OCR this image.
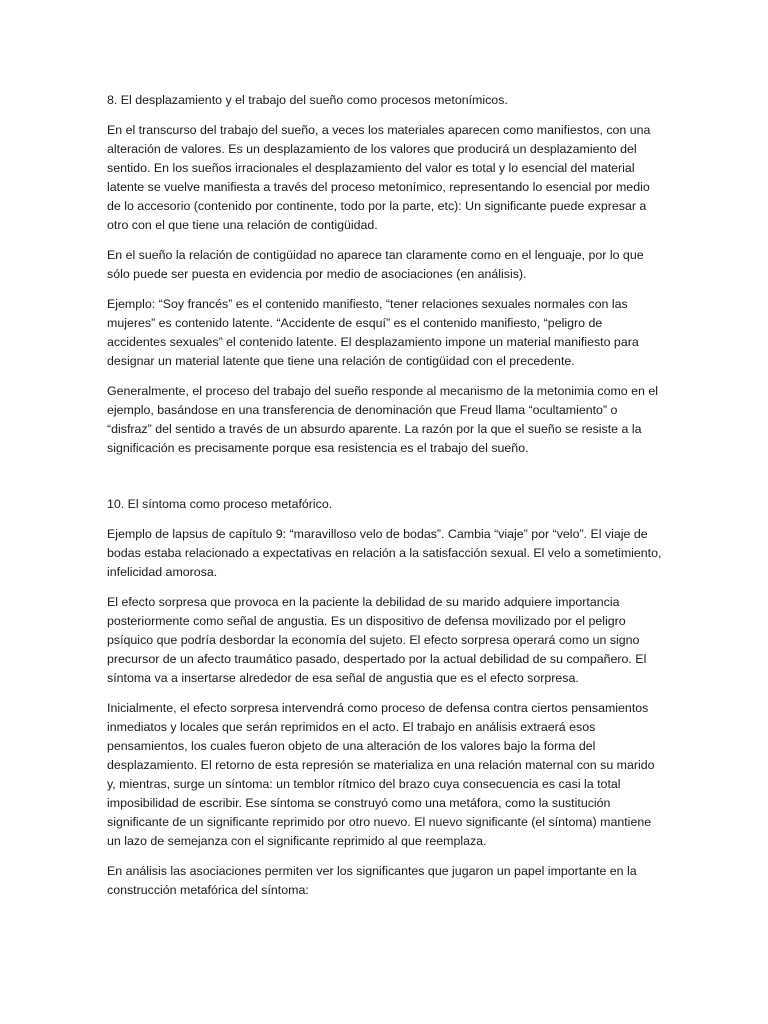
8. El desplazamiento y el trabajo del sueño como procesos metonímicos.

En el transcurso del trabajo del sueño, a veces los materiales aparecen como manifiestos, con una alteración de valores. Es un desplazamiento de los valores que producirá un desplazamiento del sentido. En los sueños irracionales el desplazamiento del valor es total y lo esencial del material latente se vuelve manifiesta a través del proceso metonímico, representando lo esencial por medio de lo accesorio (contenido por continente, todo por la parte, etc): Un significante puede expresar a otro con el que tiene una relación de contigüidad.

En el sueño la relación de contigüidad no aparece tan claramente como en el lenguaje, por lo que sólo puede ser puesta en evidencia por medio de asociaciones (en análisis).

Ejemplo: “Soy francés” es el contenido manifiesto, “tener relaciones sexuales normales con las mujeres” es contenido latente. “Accidente de esquí” es el contenido manifiesto, “peligro de accidentes sexuales” el contenido latente. El desplazamiento impone un material manifiesto para designar un material latente que tiene una relación de contigüidad con el precedente.

Generalmente, el proceso del trabajo del sueño responde al mecanismo de la metonimia como en el ejemplo, basándose en una transferencia de denominación que Freud llama “ocultamiento” o “disfraz” del sentido a través de un absurdo aparente. La razón por la que el sueño se resiste a la significación es precisamente porque esa resistencia es el trabajo del sueño.

10. El síntoma como proceso metafórico.

Ejemplo de lapsus de capítulo 9: “maravilloso velo de bodas”. Cambia “viaje” por “velo”. El viaje de bodas estaba relacionado a expectativas en relación a la satisfacción sexual. El velo a sometimiento, infelicidad amorosa.

El efecto sorpresa que provoca en la paciente la debilidad de su marido adquiere importancia posteriormente como señal de angustia. Es un dispositivo de defensa movilizado por el peligro psíquico que podría desbordar la economía del sujeto. El efecto sorpresa operará como un signo precursor de un afecto traumático pasado, despertado por la actual debilidad de su compañero. El síntoma va a insertarse alrededor de esa señal de angustia que es el efecto sorpresa.

Inicialmente, el efecto sorpresa intervendrá como proceso de defensa contra ciertos pensamientos inmediatos y locales que serán reprimidos en el acto. El trabajo en análisis extraerá esos pensamientos, los cuales fueron objeto de una alteración de los valores bajo la forma del desplazamiento. El retorno de esta represión se materializa en una relación maternal con su marido y, mientras, surge un síntoma: un temblor rítmico del brazo cuya consecuencia es casi la total imposibilidad de escribir. Ese síntoma se construyó como una metáfora, como la sustitución significante de un significante reprimido por otro nuevo. El nuevo significante (el síntoma) mantiene un lazo de semejanza con el significante reprimido al que reemplaza.

En análisis las asociaciones permiten ver los significantes que jugaron un papel importante en la construcción metafórica del síntoma:
